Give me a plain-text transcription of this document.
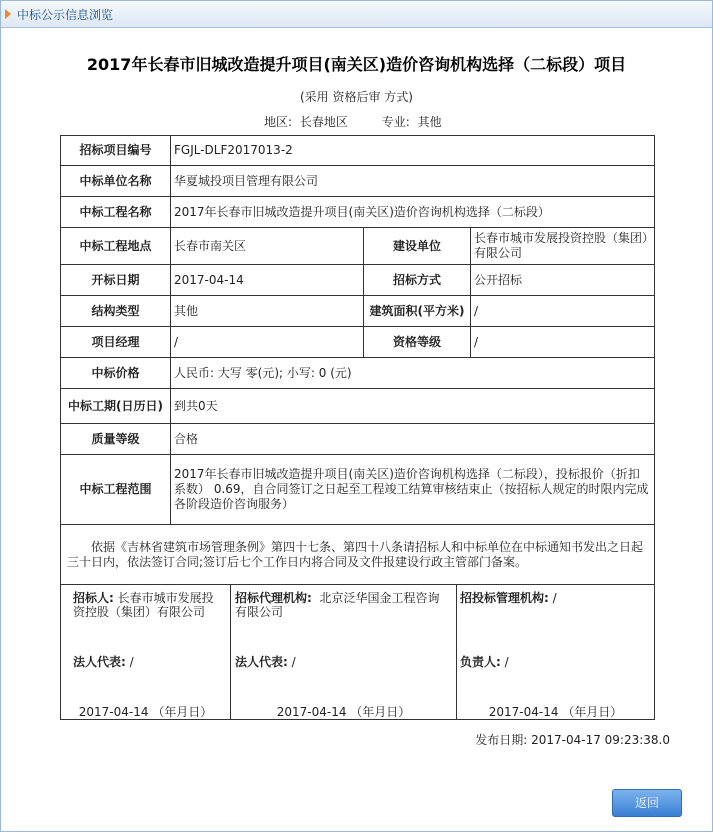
中标公示信息浏览
2017年长春市旧城改造提升项目(南关区)造价咨询机构选择（二标段）项目
(采用 资格后审 方式)
地区: 长春地区	专业: 其他
招标项目编号	FGJL-DLF2017013-2		
中标单位名称	华夏城投项目管理有限公司		
中标工程名称	2017年长春市旧城改造提升项目(南关区)造价咨询机构选择（二标段）		
中标工程地点	长春市南关区	建设单位	长春市城市发展投资控股（集团）有限公司
开标日期	2017-04-14	招标方式	公开招标
结构类型	其他	建筑面积(平方米)	/
项目经理	/	资格等级	/
中标价格	人民币: 大写 零(元); 小写: 0 (元)		
中标工期(日历日)	到共0天		
质量等级	合格		
中标工程范围	2017年长春市旧城改造提升项目(南关区)造价咨询机构选择（二标段），投标报价（折扣系数） 0.69，自合同签订之日起至工程竣工结算审核结束止（按招标人规定的时限内完成各阶段造价咨询服务）		
依据《吉林省建筑市场管理条例》第四十七条、第四十八条请招标人和中标单位在中标通知书发出之日起三十日内，依法签订合同;签订后七个工作日内将合同及文件报建设行政主管部门备案。			
招标人: 长春市城市发展投资控股（集团）有限公司
法人代表: /
2017-04-14 （年月日）

招标代理机构: 北京泛华国金工程咨询有限公司
法人代表: /
2017-04-14 （年月日）

招投标管理机构: /
负责人: /
2017-04-14 （年月日）
发布日期: 2017-04-17 09:23:38.0
返回
